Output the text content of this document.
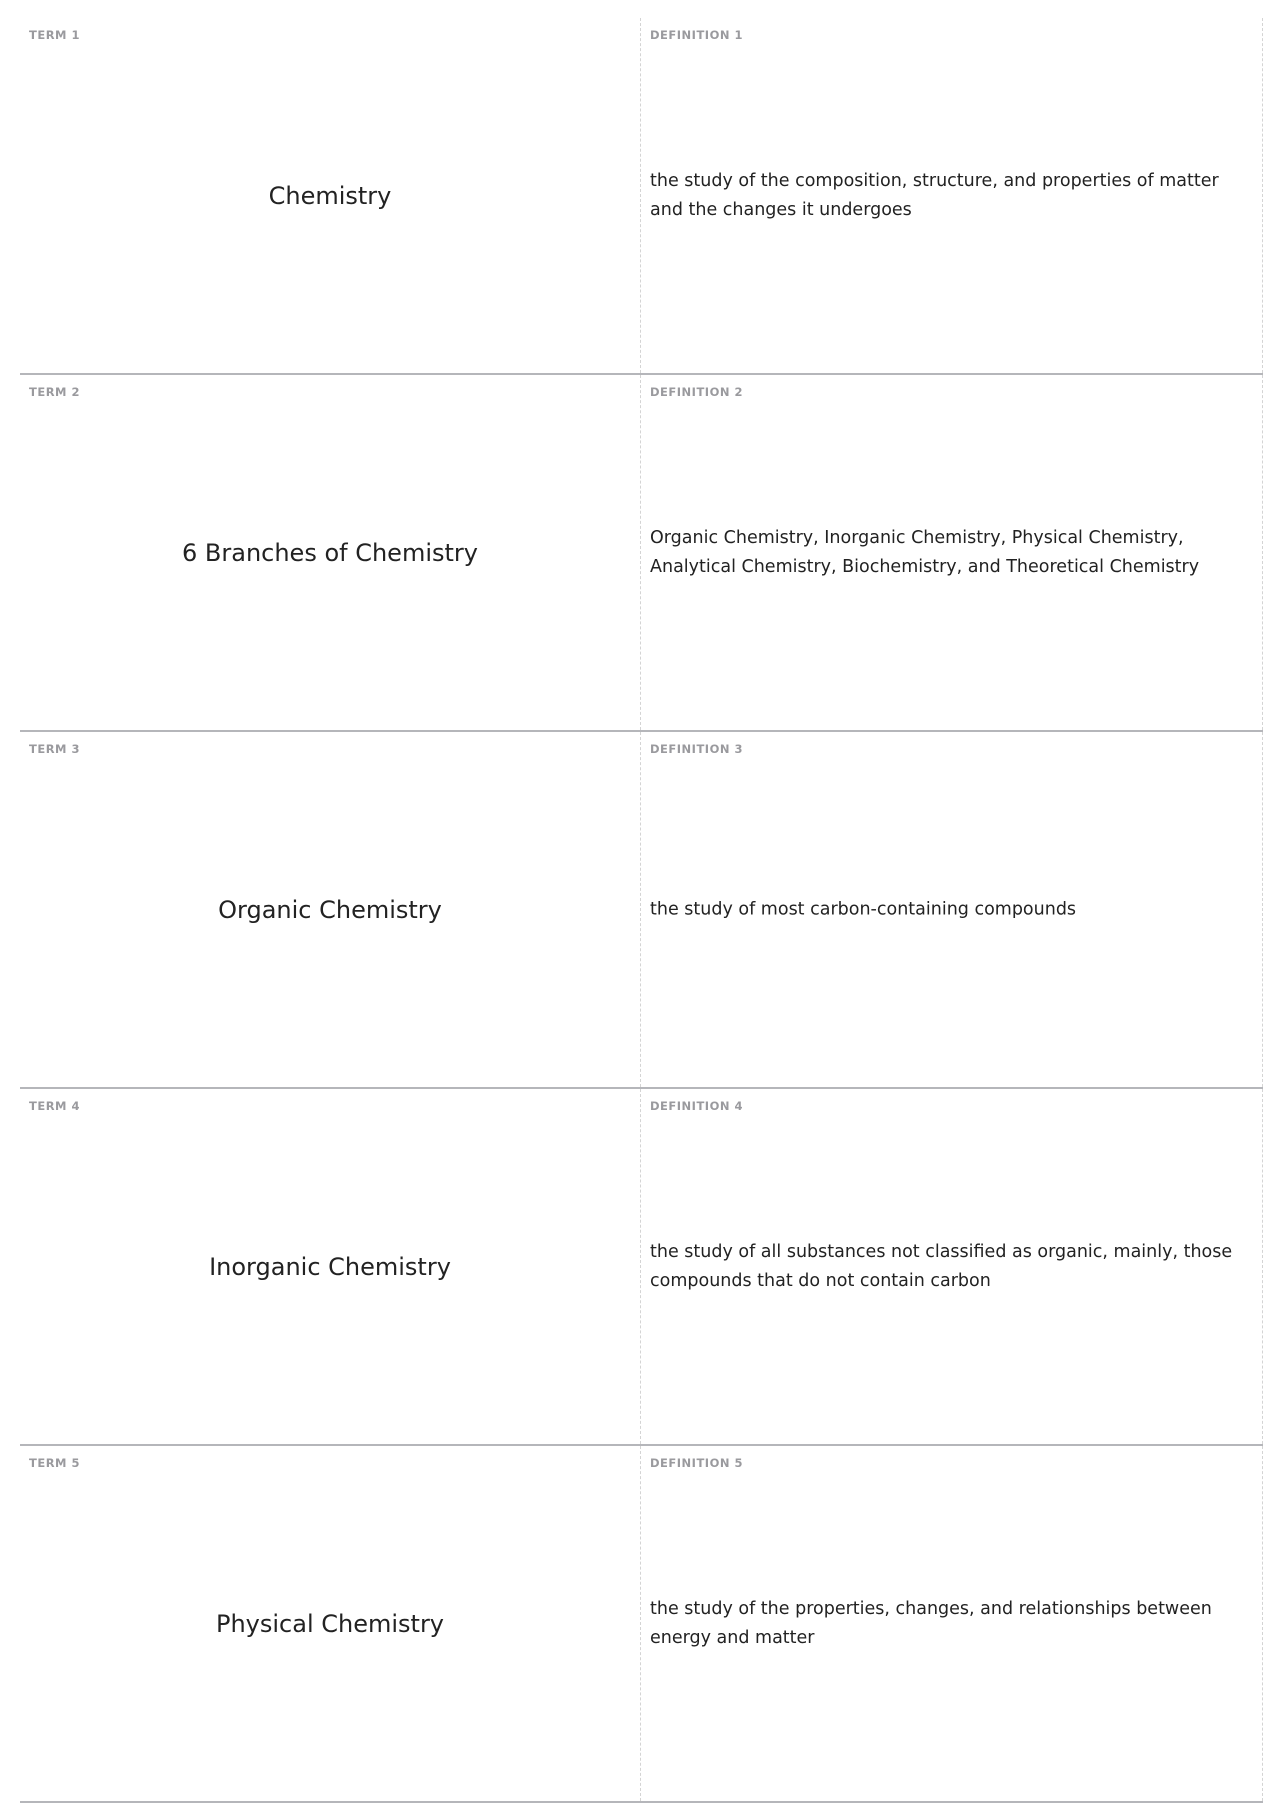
TERM 1
Chemistry
DEFINITION 1
the study of the composition, structure, and properties of matter and the changes it undergoes
TERM 2
6 Branches of Chemistry
DEFINITION 2
Organic Chemistry, Inorganic Chemistry, Physical Chemistry, Analytical Chemistry, Biochemistry, and Theoretical Chemistry
TERM 3
Organic Chemistry
DEFINITION 3
the study of most carbon-containing compounds
TERM 4
Inorganic Chemistry
DEFINITION 4
the study of all substances not classified as organic, mainly, those compounds that do not contain carbon
TERM 5
Physical Chemistry
DEFINITION 5
the study of the properties, changes, and relationships between energy and matter
